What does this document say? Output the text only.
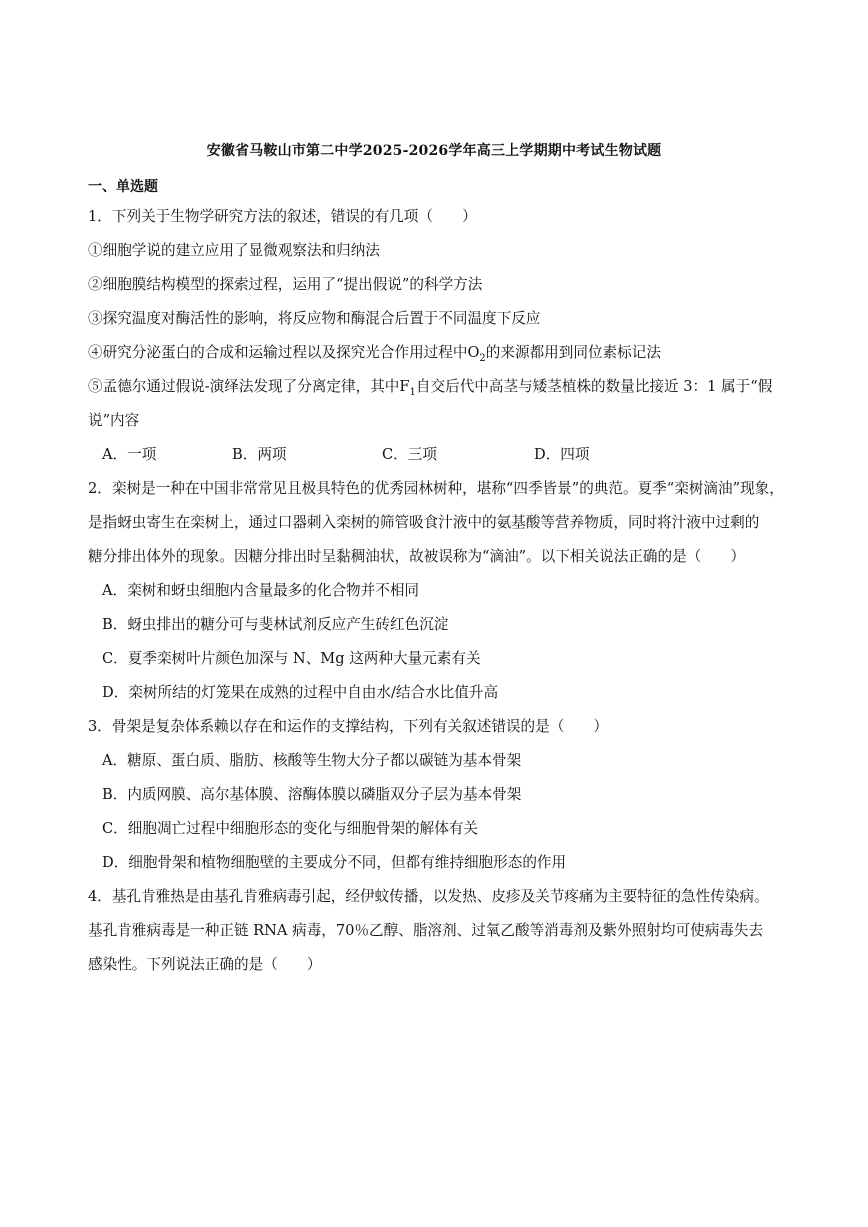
安徽省马鞍山市第二中学2025-2026学年高三上学期期中考试生物试题
一、单选题
1．下列关于生物学研究方法的叙述，错误的有几项（　　）
①细胞学说的建立应用了显微观察法和归纳法
②细胞膜结构模型的探索过程，运用了“提出假说”的科学方法
③探究温度对酶活性的影响，将反应物和酶混合后置于不同温度下反应
④研究分泌蛋白的合成和运输过程以及探究光合作用过程中$O_2$的来源都用到同位素标记法
⑤孟德尔通过假说-演绎法发现了分离定律，其中$F_1$自交后代中高茎与矮茎植株的数量比接近 3：1 属于“假
说”内容
A．一项	B．两项	C．三项	D．四项
2．栾树是一种在中国非常常见且极具特色的优秀园林树种，堪称“四季皆景”的典范。夏季“栾树滴油”现象，
是指蚜虫寄生在栾树上，通过口器刺入栾树的筛管吸食汁液中的氨基酸等营养物质，同时将汁液中过剩的
糖分排出体外的现象。因糖分排出时呈黏稠油状，故被误称为“滴油”。以下相关说法正确的是（　　）
A．栾树和蚜虫细胞内含量最多的化合物并不相同
B．蚜虫排出的糖分可与斐林试剂反应产生砖红色沉淀
C．夏季栾树叶片颜色加深与 N、Mg 这两种大量元素有关
D．栾树所结的灯笼果在成熟的过程中自由水/结合水比值升高
3．骨架是复杂体系赖以存在和运作的支撑结构，下列有关叙述错误的是（　　）
A．糖原、蛋白质、脂肪、核酸等生物大分子都以碳链为基本骨架
B．内质网膜、高尔基体膜、溶酶体膜以磷脂双分子层为基本骨架
C．细胞凋亡过程中细胞形态的变化与细胞骨架的解体有关
D．细胞骨架和植物细胞壁的主要成分不同，但都有维持细胞形态的作用
4．基孔肯雅热是由基孔肯雅病毒引起，经伊蚊传播，以发热、皮疹及关节疼痛为主要特征的急性传染病。
基孔肯雅病毒是一种正链 RNA 病毒，70％乙醇、脂溶剂、过氧乙酸等消毒剂及紫外照射均可使病毒失去
感染性。下列说法正确的是（　　）
